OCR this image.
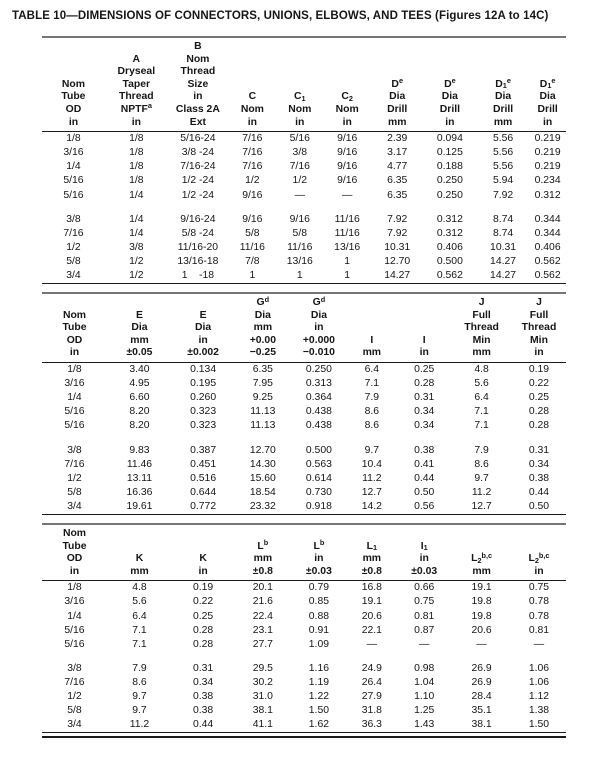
TABLE 10—DIMENSIONS OF CONNECTORS, UNIONS, ELBOWS, AND TEES (Figures 12A to 14C)
Nom
Tube
OD
in	A
Dryseal
Taper
Thread
NPTF$^a$
in	B
Nom
Thread
Size
in
Class 2A
Ext	C
Nom
in	$C_1$
Nom
in	$C_2$
Nom
in	De
Dia
Drill
mm	De
Dia
Drill
in	$D_1^e$
Dia
Drill
mm	$D_1^e$
Dia
Drill
in
1/8	1/8	5/16-24	7/16	5/16	9/16	2.39	0.094	5.56	0.219
3/16	1/8	3/8 -24	7/16	3/8	9/16	3.17	0.125	5.56	0.219
1/4	1/8	7/16-24	7/16	7/16	9/16	4.77	0.188	5.56	0.219
5/16	1/8	1/2 -24	1/2	1/2	9/16	6.35	0.250	5.94	0.234
5/16	1/4	1/2 -24	9/16	—	—	6.35	0.250	7.92	0.312

3/8	1/4	9/16-24	9/16	9/16	11/16	7.92	0.312	8.74	0.344
7/16	1/4	5/8 -24	5/8	5/8	11/16	7.92	0.312	8.74	0.344
1/2	3/8	11/16-20	11/16	11/16	13/16	10.31	0.406	10.31	0.406
5/8	1/2	13/16-18	7/8	13/16	1	12.70	0.500	14.27	0.562
3/4	1/2	1    -18	1	1	1	14.27	0.562	14.27	0.562
Nom
Tube
OD
in	E
Dia
mm
±0.05	E
Dia
in
±0.002	$G^d$
Dia
mm
+0.00
−0.25	$G^d$
Dia
in
+0.000
−0.010	I
mm	I
in	J
Full
Thread
Min
mm	J
Full
Thread
Min
in
1/8	3.40	0.134	6.35	0.250	6.4	0.25	4.8	0.19
3/16	4.95	0.195	7.95	0.313	7.1	0.28	5.6	0.22
1/4	6.60	0.260	9.25	0.364	7.9	0.31	6.4	0.25
5/16	8.20	0.323	11.13	0.438	8.6	0.34	7.1	0.28
5/16	8.20	0.323	11.13	0.438	8.6	0.34	7.1	0.28

3/8	9.83	0.387	12.70	0.500	9.7	0.38	7.9	0.31
7/16	11.46	0.451	14.30	0.563	10.4	0.41	8.6	0.34
1/2	13.11	0.516	15.60	0.614	11.2	0.44	9.7	0.38
5/8	16.36	0.644	18.54	0.730	12.7	0.50	11.2	0.44
3/4	19.61	0.772	23.32	0.918	14.2	0.56	12.7	0.50
Nom
Tube
OD
in	K
mm	K
in	$L^b$
mm
±0.8	$L^b$
in
±0.03	$L_1$
mm
±0.8	$I_1$
in
±0.03	$L_2^{b,c}$
mm	$L_2^{b,c}$
in
1/8	4.8	0.19	20.1	0.79	16.8	0.66	19.1	0.75
3/16	5.6	0.22	21.6	0.85	19.1	0.75	19.8	0.78
1/4	6.4	0.25	22.4	0.88	20.6	0.81	19.8	0.78
5/16	7.1	0.28	23.1	0.91	22.1	0.87	20.6	0.81
5/16	7.1	0.28	27.7	1.09	—	—	—	—

3/8	7.9	0.31	29.5	1.16	24.9	0.98	26.9	1.06
7/16	8.6	0.34	30.2	1.19	26.4	1.04	26.9	1.06
1/2	9.7	0.38	31.0	1.22	27.9	1.10	28.4	1.12
5/8	9.7	0.38	38.1	1.50	31.8	1.25	35.1	1.38
3/4	11.2	0.44	41.1	1.62	36.3	1.43	38.1	1.50
